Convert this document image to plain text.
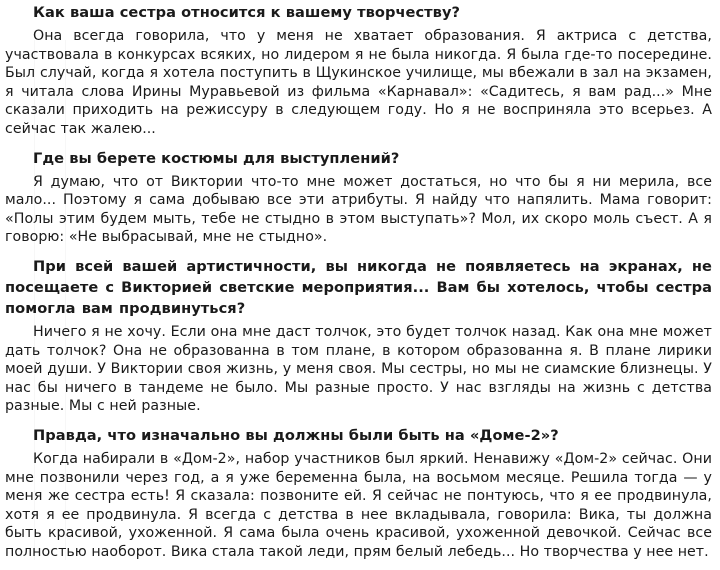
Как ваша сестра относится к вашему творчеству?

Она всегда говорила, что у меня не хватает образования. Я актриса с детства, участвовала в конкурсах всяких, но лидером я не была никогда. Я была где-то посередине. Был случай, когда я хотела поступить в Щукинское училище, мы вбежали в зал на экзамен, я читала слова Ирины Муравьевой из фильма «Карнавал»: «Садитесь, я вам рад...» Мне сказали приходить на режиссуру в следующем году. Но я не восприняла это всерьез. А сейчас так жалею...

Где вы берете костюмы для выступлений?

Я думаю, что от Виктории что-то мне может достаться, но что бы я ни мерила, все мало... Поэтому я сама добываю все эти атрибуты. Я найду что напялить. Мама говорит: «Полы этим будем мыть, тебе не стыдно в этом выступать»? Мол, их скоро моль съест. А я говорю: «Не выбрасывай, мне не стыдно».

При всей вашей артистичности, вы никогда не появляетесь на экранах, не посещаете с Викторией светские мероприятия... Вам бы хотелось, чтобы сестра помогла вам продвинуться?

Ничего я не хочу. Если она мне даст толчок, это будет толчок назад. Как она мне может дать толчок? Она не образованна в том плане, в котором образованна я. В плане лирики моей души. У Виктории своя жизнь, у меня своя. Мы сестры, но мы не сиамские близнецы. У нас бы ничего в тандеме не было. Мы разные просто. У нас взгляды на жизнь с детства разные. Мы с ней разные.

Правда, что изначально вы должны были быть на «Доме-2»?

Когда набирали в «Дом-2», набор участников был яркий. Ненавижу «Дом-2» сейчас. Они мне позвонили через год, а я уже беременна была, на восьмом месяце. Решила тогда — у меня же сестра есть! Я сказала: позвоните ей. Я сейчас не понтуюсь, что я ее продвинула, хотя я ее продвинула. Я всегда с детства в нее вкладывала, говорила: Вика, ты должна быть красивой, ухоженной. Я сама была очень красивой, ухоженной девочкой. Сейчас все полностью наоборот. Вика стала такой леди, прям белый лебедь... Но творчества у нее нет.
